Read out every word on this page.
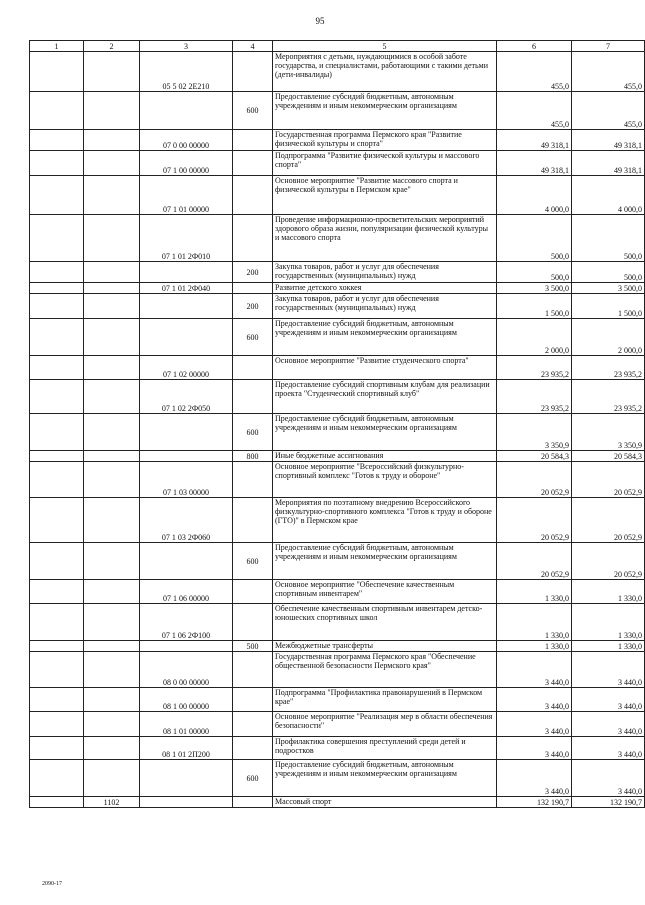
95
1	2	3	4	5	6	7
		05 5 02 2Е210		Мероприятия с детьми, нуждающимися в особой заботе государства, и специалистами, работающими с такими детьми (дети-инвалиды)	455,0	455,0
			600	Предоставление субсидий бюджетным, автономным учреждениям и иным некоммерческим организациям	455,0	455,0
		07 0 00 00000		Государственная программа Пермского края "Развитие физической культуры и спорта"	49 318,1	49 318,1
		07 1 00 00000		Подпрограмма "Развитие физической культуры и массового спорта"	49 318,1	49 318,1
		07 1 01 00000		Основное мероприятие "Развитие массового спорта и физической культуры в Пермском крае"	4 000,0	4 000,0
		07 1 01 2Ф010		Проведение информационно-просветительских мероприятий здорового образа жизни, популяризации физической культуры и массового спорта	500,0	500,0
			200	Закупка товаров, работ и услуг для обеспечения государственных (муниципальных) нужд	500,0	500,0
		07 1 01 2Ф040		Развитие детского хоккея	3 500,0	3 500,0
			200	Закупка товаров, работ и услуг для обеспечения государственных (муниципальных) нужд	1 500,0	1 500,0
			600	Предоставление субсидий бюджетным, автономным учреждениям и иным некоммерческим организациям	2 000,0	2 000,0
		07 1 02 00000		Основное мероприятие "Развитие студенческого спорта"	23 935,2	23 935,2
		07 1 02 2Ф050		Предоставление субсидий спортивным клубам для реализации проекта "Студенческий спортивный клуб"	23 935,2	23 935,2
			600	Предоставление субсидий бюджетным, автономным учреждениям и иным некоммерческим организациям	3 350,9	3 350,9
			800	Иные бюджетные ассигнования	20 584,3	20 584,3
		07 1 03 00000		Основное мероприятие "Всероссийский физкультурно-спортивный комплекс "Готов к труду и обороне"	20 052,9	20 052,9
		07 1 03 2Ф060		Мероприятия по поэтапному внедрению Всероссийского физкультурно-спортивного комплекса "Готов к труду и обороне (ГТО)" в Пермском крае	20 052,9	20 052,9
			600	Предоставление субсидий бюджетным, автономным учреждениям и иным некоммерческим организациям	20 052,9	20 052,9
		07 1 06 00000		Основное мероприятие "Обеспечение качественным спортивным инвентарем"	1 330,0	1 330,0
		07 1 06 2Ф100		Обеспечение качественным спортивным инвентарем детско-юношеских спортивных школ	1 330,0	1 330,0
			500	Межбюджетные трансферты	1 330,0	1 330,0
		08 0 00 00000		Государственная программа Пермского края "Обеспечение общественной безопасности Пермского края"	3 440,0	3 440,0
		08 1 00 00000		Подпрограмма "Профилактика правонарушений в Пермском крае"	3 440,0	3 440,0
		08 1 01 00000		Основное мероприятие "Реализация мер в области обеспечения безопасности"	3 440,0	3 440,0
		08 1 01 2П200		Профилактика совершения преступлений среди детей и подростков	3 440,0	3 440,0
			600	Предоставление субсидий бюджетным, автономным учреждениям и иным некоммерческим организациям	3 440,0	3 440,0
	1102			Массовый спорт	132 190,7	132 190,7
2090-17
